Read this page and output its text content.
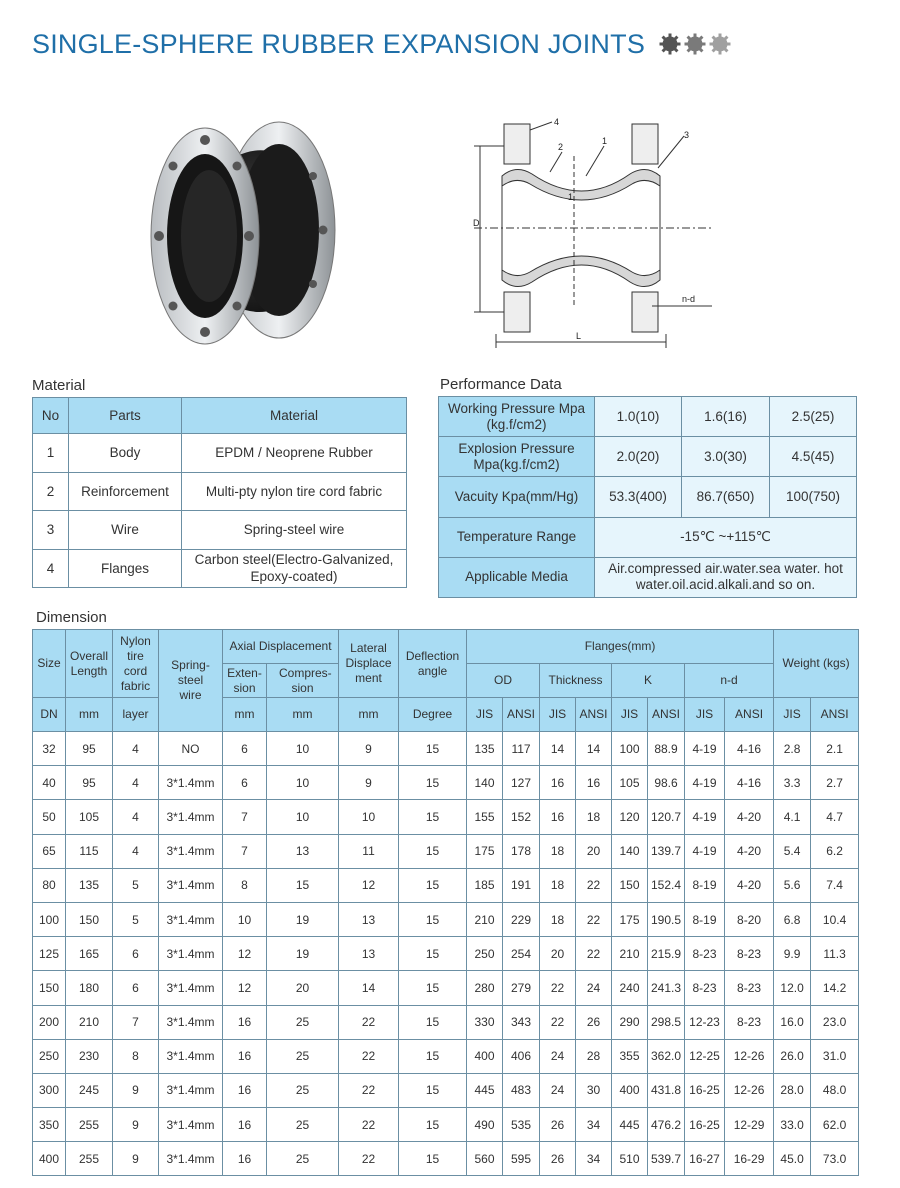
SINGLE-SPHERE RUBBER EXPANSION JOINTS
4
2
1
1
3
D
L
n-d
Material	Performance Data
Dimension
No	Parts	Material
1	Body	EPDM / Neoprene Rubber
2	Reinforcement	Multi-pty nylon tire cord fabric
3	Wire	Spring-steel wire
4	Flanges	Carbon steel(Electro-Galvanized, Epoxy-coated)
Working Pressure Mpa (kg.f/cm2)	1.0(10)	1.6(16)	2.5(25)
Explosion Pressure Mpa(kg.f/cm2)	2.0(20)	3.0(30)	4.5(45)
Vacuity Kpa(mm/Hg)	53.3(400)	86.7(650)	100(750)
Temperature Range	-15℃ ~+115℃		
Applicable Media	Air.compressed air.water.sea water. hot water.oil.acid.alkali.and so on.		
Size	Overall Length	Nylon tire cord fabric	Spring-steel wire	Axial Displacement		Lateral Displace ment	Deflection angle	Flanges(mm)								Weight (kgs)	
				Exten-sion	Compres-sion			OD		Thickness		K		n-d			
DN	mm	layer		mm	mm	mm	Degree	JIS	ANSI	JIS	ANSI	JIS	ANSI	JIS	ANSI	JIS	ANSI
32	95	4	NO	6	10	9	15	135	117	14	14	100	88.9	4-19	4-16	2.8	2.1
40	95	4	3*1.4mm	6	10	9	15	140	127	16	16	105	98.6	4-19	4-16	3.3	2.7
50	105	4	3*1.4mm	7	10	10	15	155	152	16	18	120	120.7	4-19	4-20	4.1	4.7
65	115	4	3*1.4mm	7	13	11	15	175	178	18	20	140	139.7	4-19	4-20	5.4	6.2
80	135	5	3*1.4mm	8	15	12	15	185	191	18	22	150	152.4	8-19	4-20	5.6	7.4
100	150	5	3*1.4mm	10	19	13	15	210	229	18	22	175	190.5	8-19	8-20	6.8	10.4
125	165	6	3*1.4mm	12	19	13	15	250	254	20	22	210	215.9	8-23	8-23	9.9	11.3
150	180	6	3*1.4mm	12	20	14	15	280	279	22	24	240	241.3	8-23	8-23	12.0	14.2
200	210	7	3*1.4mm	16	25	22	15	330	343	22	26	290	298.5	12-23	8-23	16.0	23.0
250	230	8	3*1.4mm	16	25	22	15	400	406	24	28	355	362.0	12-25	12-26	26.0	31.0
300	245	9	3*1.4mm	16	25	22	15	445	483	24	30	400	431.8	16-25	12-26	28.0	48.0
350	255	9	3*1.4mm	16	25	22	15	490	535	26	34	445	476.2	16-25	12-29	33.0	62.0
400	255	9	3*1.4mm	16	25	22	15	560	595	26	34	510	539.7	16-27	16-29	45.0	73.0
